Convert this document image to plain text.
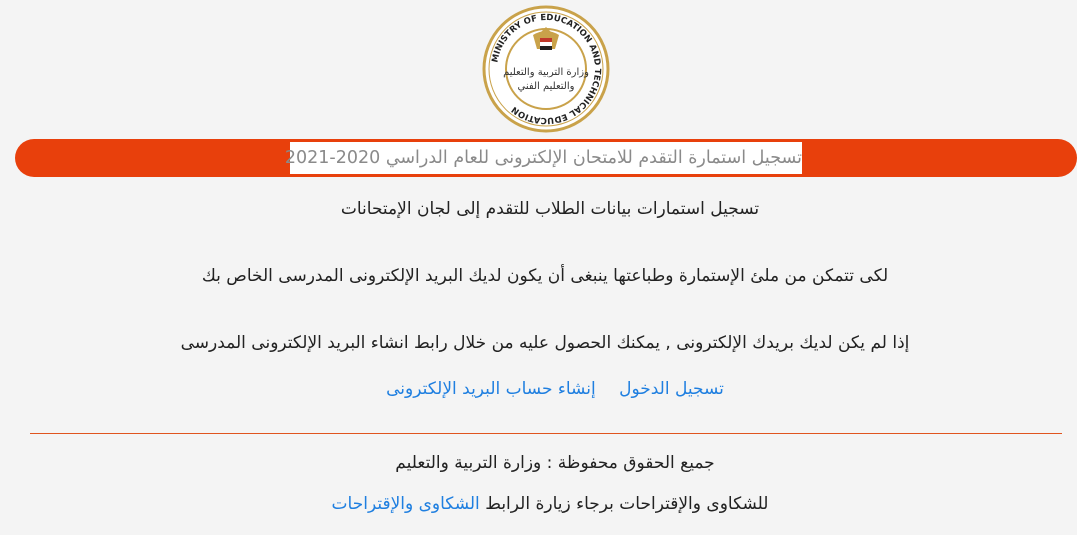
MINISTRY OF EDUCATION AND TECHNICAL EDUCATION
وزارة التربية والتعليم
والتعليم الفني
تسجيل استمارة التقدم للامتحان الإلكترونى للعام الدراسي 2020-2021
تسجيل استمارات بيانات الطلاب للتقدم إلى لجان الإمتحانات
لکی تتمکن من ملئ الإستمارة وطباعتها ينبغی أن يكون لديك البريد الإلكترونى المدرسى الخاص بك
إذا لم يكن لديك بريدك الإلكترونى , يمكنك الحصول عليه من خلال رابط انشاء البريد الإلكترونى المدرسى
تسجيل الدخول إنشاء حساب البريد الإلكترونى
جميع الحقوق محفوظة : وزارة التربية والتعليم
للشكاوى والإقتراحات برجاء زيارة الرابط الشكاوى والإقتراحات
